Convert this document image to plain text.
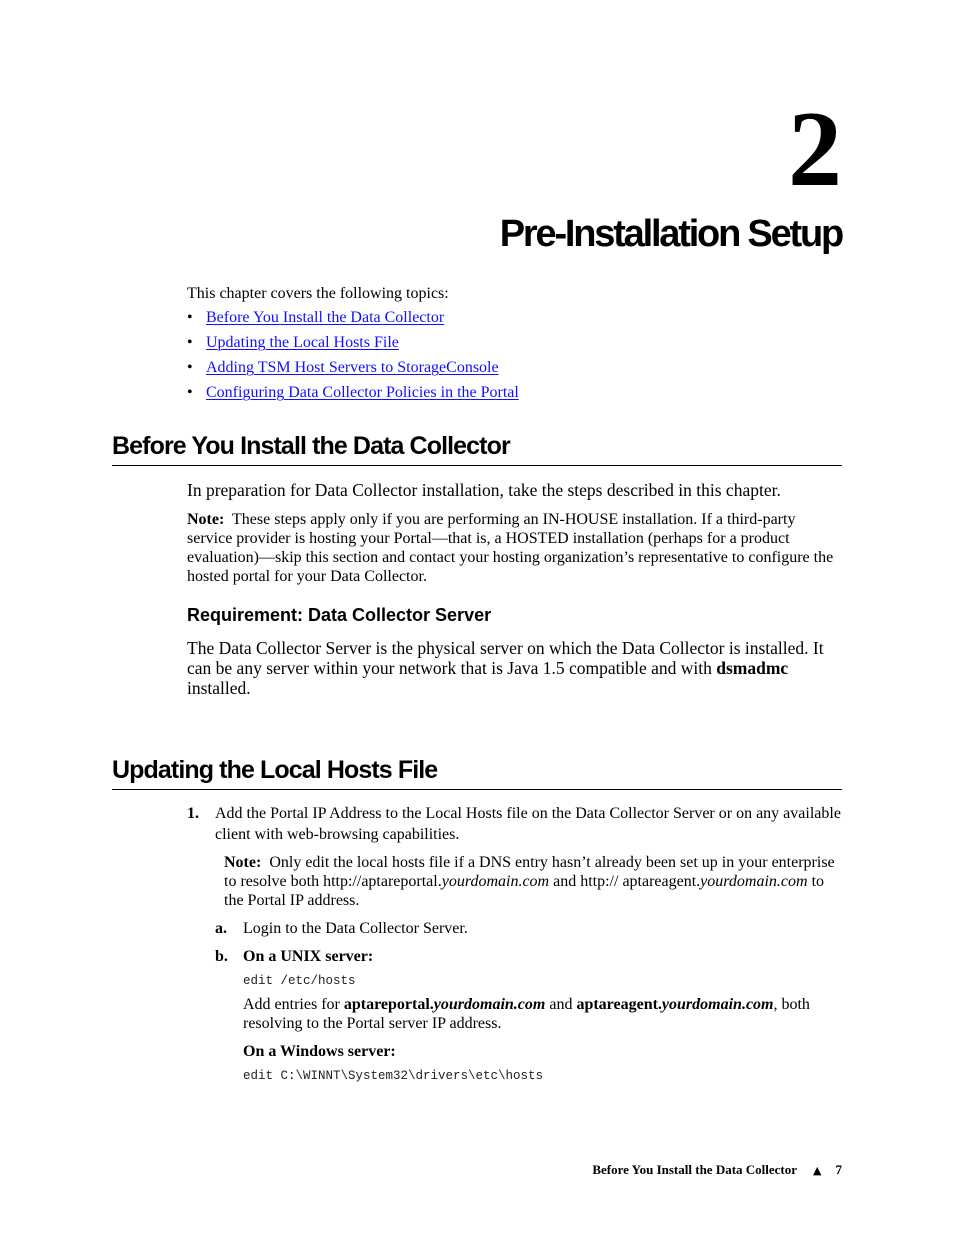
2
Pre-Installation Setup
This chapter covers the following topics:
• Before You Install the Data Collector
• Updating the Local Hosts File
• Adding TSM Host Servers to StorageConsole
• Configuring Data Collector Policies in the Portal
Before You Install the Data Collector
In preparation for Data Collector installation, take the steps described in this chapter.
Note: These steps apply only if you are performing an IN-HOUSE installation. If a third-party service provider is hosting your Portal—that is, a HOSTED installation (perhaps for a product evaluation)—skip this section and contact your hosting organization’s representative to configure the hosted portal for your Data Collector.
Requirement: Data Collector Server
The Data Collector Server is the physical server on which the Data Collector is installed. It can be any server within your network that is Java 1.5 compatible and with dsmadmc installed.
Updating the Local Hosts File
1. Add the Portal IP Address to the Local Hosts file on the Data Collector Server or on any available client with web-browsing capabilities.
Note: Only edit the local hosts file if a DNS entry hasn’t already been set up in your enterprise to resolve both http://aptareportal.yourdomain.com and http:// aptareagent.yourdomain.com to the Portal IP address.
a. Login to the Data Collector Server.
b. On a UNIX server:
edit /etc/hosts
Add entries for aptareportal.yourdomain.com and aptareagent.yourdomain.com, both resolving to the Portal server IP address.
On a Windows server:
edit C:\WINNT\System32\drivers\etc\hosts
Before You Install the Data Collector ▲ 7
